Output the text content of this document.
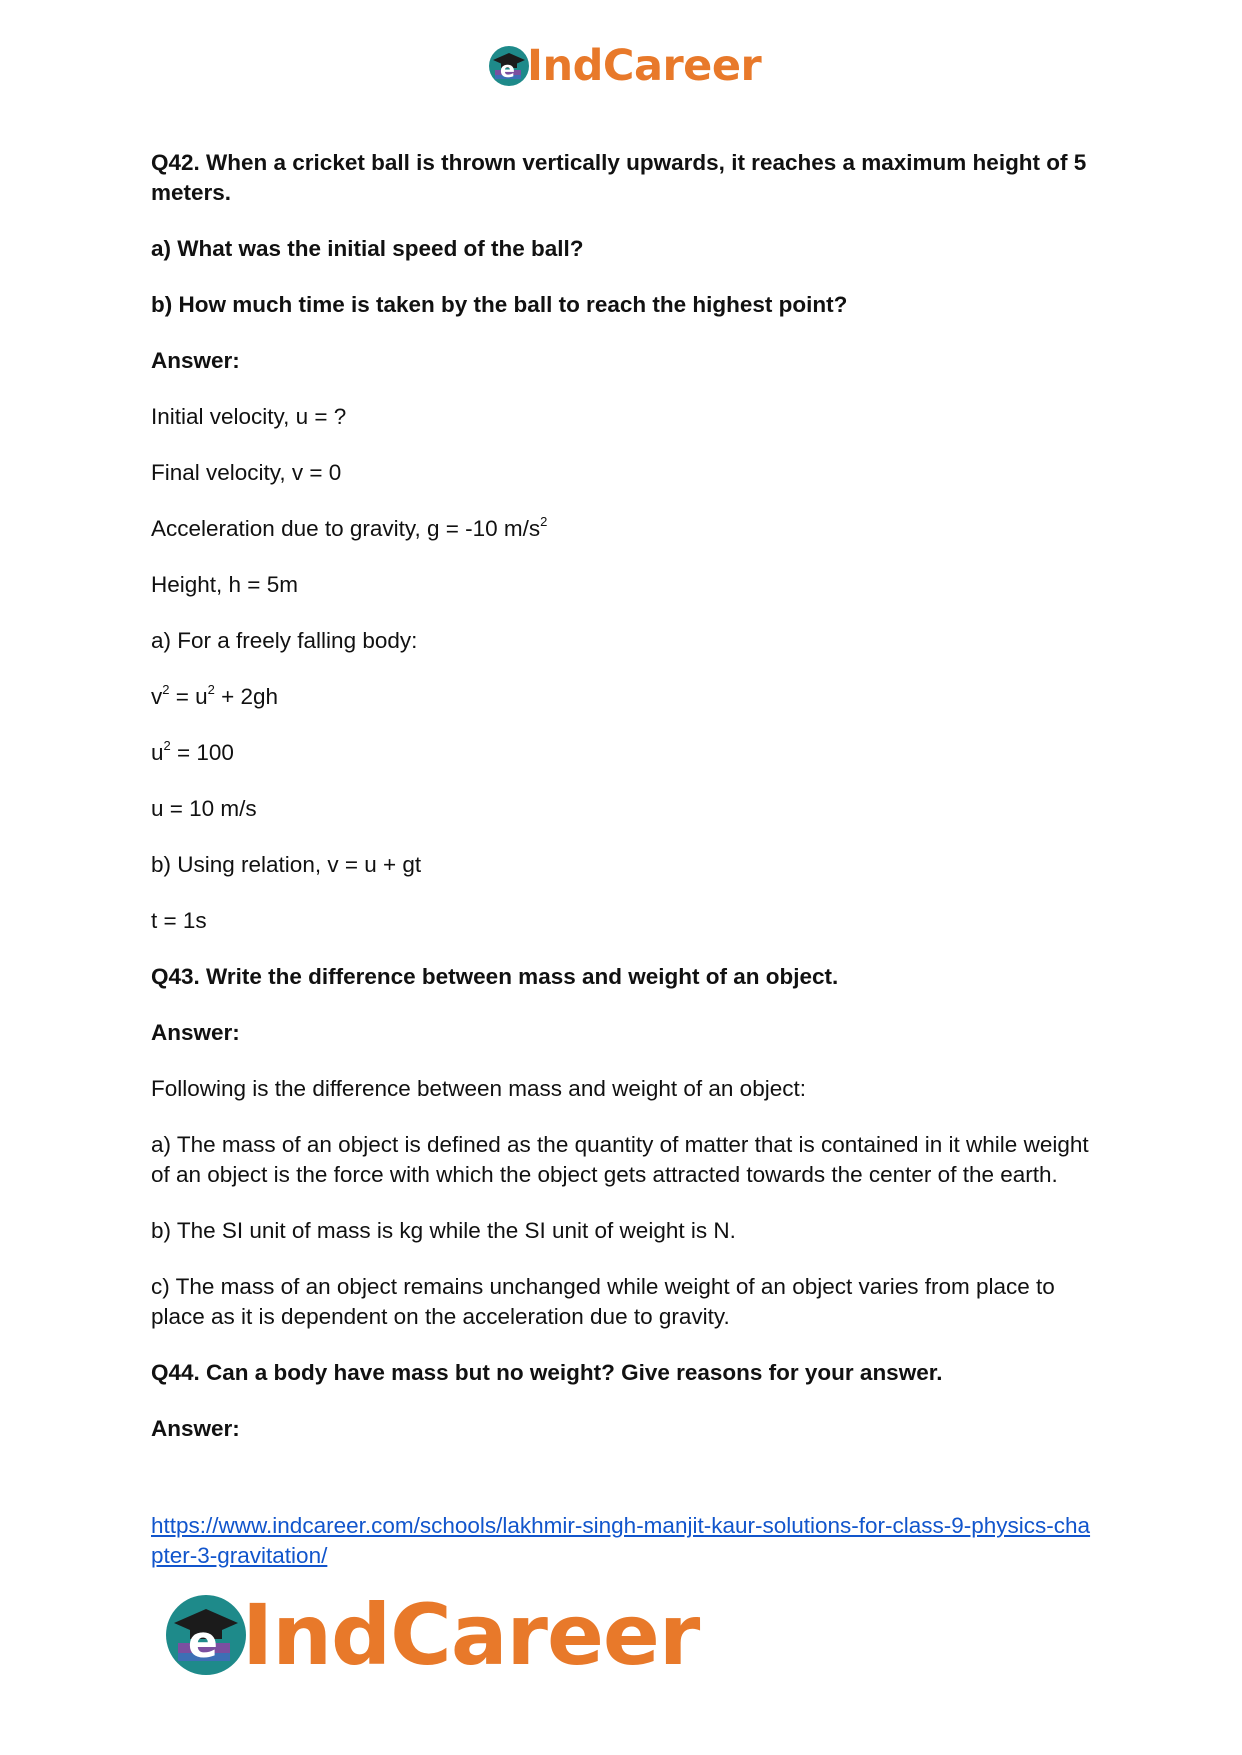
e IndCareer

Q42. When a cricket ball is thrown vertically upwards, it reaches a maximum height of 5 meters.

a) What was the initial speed of the ball?

b) How much time is taken by the ball to reach the highest point?

Answer:

Initial velocity, u = ?

Final velocity, v = 0

Acceleration due to gravity, g = -10 $m/s^2$

Height, h = 5m

a) For a freely falling body:

$v^2 = u^2 + 2gh$

$u^2 = 100$

u = 10 m/s

b) Using relation, v = u + gt

t = 1s

Q43. Write the difference between mass and weight of an object.

Answer:

Following is the difference between mass and weight of an object:

a) The mass of an object is defined as the quantity of matter that is contained in it while weight of an object is the force with which the object gets attracted towards the center of the earth.

b) The SI unit of mass is kg while the SI unit of weight is N.

c) The mass of an object remains unchanged while weight of an object varies from place to place as it is dependent on the acceleration due to gravity.

Q44. Can a body have mass but no weight? Give reasons for your answer.

Answer:

https://www.indcareer.com/schools/lakhmir-singh-manjit-kaur-solutions-for-class-9-physics-chapter-3-gravitation/
e IndCareer
